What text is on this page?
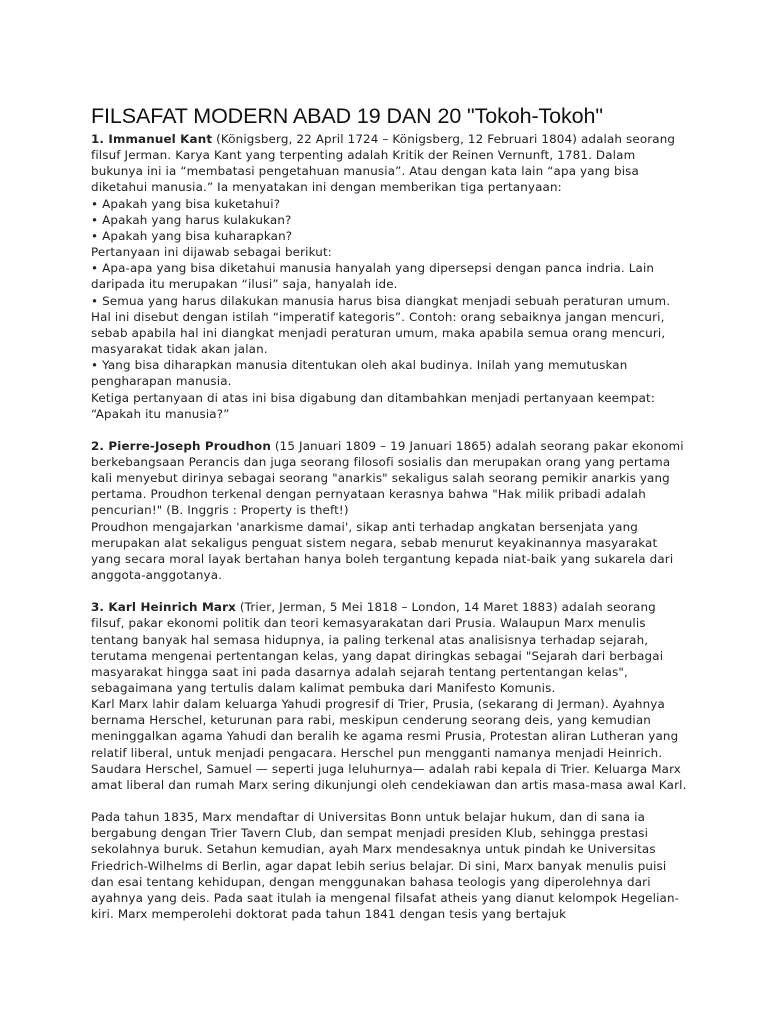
FILSAFAT MODERN ABAD 19 DAN 20 "Tokoh-Tokoh"

1. Immanuel Kant (Königsberg, 22 April 1724 – Königsberg, 12 Februari 1804) adalah seorang filsuf Jerman. Karya Kant yang terpenting adalah Kritik der Reinen Vernunft, 1781. Dalam bukunya ini ia “membatasi pengetahuan manusia”. Atau dengan kata lain “apa yang bisa diketahui manusia.” Ia menyatakan ini dengan memberikan tiga pertanyaan:

• Apakah yang bisa kuketahui?
• Apakah yang harus kulakukan?
• Apakah yang bisa kuharapkan?

Pertanyaan ini dijawab sebagai berikut:

• Apa-apa yang bisa diketahui manusia hanyalah yang dipersepsi dengan panca indria. Lain daripada itu merupakan “ilusi” saja, hanyalah ide.
• Semua yang harus dilakukan manusia harus bisa diangkat menjadi sebuah peraturan umum. Hal ini disebut dengan istilah “imperatif kategoris”. Contoh: orang sebaiknya jangan mencuri, sebab apabila hal ini diangkat menjadi peraturan umum, maka apabila semua orang mencuri, masyarakat tidak akan jalan.
• Yang bisa diharapkan manusia ditentukan oleh akal budinya. Inilah yang memutuskan pengharapan manusia.

Ketiga pertanyaan di atas ini bisa digabung dan ditambahkan menjadi pertanyaan keempat: “Apakah itu manusia?”

2. Pierre-Joseph Proudhon (15 Januari 1809 – 19 Januari 1865) adalah seorang pakar ekonomi berkebangsaan Perancis dan juga seorang filosofi sosialis dan merupakan orang yang pertama kali menyebut dirinya sebagai seorang "anarkis" sekaligus salah seorang pemikir anarkis yang pertama. Proudhon terkenal dengan pernyataan kerasnya bahwa "Hak milik pribadi adalah pencurian!" (B. Inggris : Property is theft!)

Proudhon mengajarkan 'anarkisme damai', sikap anti terhadap angkatan bersenjata yang merupakan alat sekaligus penguat sistem negara, sebab menurut keyakinannya masyarakat yang secara moral layak bertahan hanya boleh tergantung kepada niat-baik yang sukarela dari anggota-anggotanya.

3. Karl Heinrich Marx (Trier, Jerman, 5 Mei 1818 – London, 14 Maret 1883) adalah seorang filsuf, pakar ekonomi politik dan teori kemasyarakatan dari Prusia. Walaupun Marx menulis tentang banyak hal semasa hidupnya, ia paling terkenal atas analisisnya terhadap sejarah, terutama mengenai pertentangan kelas, yang dapat diringkas sebagai "Sejarah dari berbagai masyarakat hingga saat ini pada dasarnya adalah sejarah tentang pertentangan kelas", sebagaimana yang tertulis dalam kalimat pembuka dari Manifesto Komunis.

Karl Marx lahir dalam keluarga Yahudi progresif di Trier, Prusia, (sekarang di Jerman). Ayahnya bernama Herschel, keturunan para rabi, meskipun cenderung seorang deis, yang kemudian meninggalkan agama Yahudi dan beralih ke agama resmi Prusia, Protestan aliran Lutheran yang relatif liberal, untuk menjadi pengacara. Herschel pun mengganti namanya menjadi Heinrich. Saudara Herschel, Samuel — seperti juga leluhurnya— adalah rabi kepala di Trier. Keluarga Marx amat liberal dan rumah Marx sering dikunjungi oleh cendekiawan dan artis masa-masa awal Karl.

Pada tahun 1835, Marx mendaftar di Universitas Bonn untuk belajar hukum, dan di sana ia bergabung dengan Trier Tavern Club, dan sempat menjadi presiden Klub, sehingga prestasi sekolahnya buruk. Setahun kemudian, ayah Marx mendesaknya untuk pindah ke Universitas Friedrich-Wilhelms di Berlin, agar dapat lebih serius belajar. Di sini, Marx banyak menulis puisi dan esai tentang kehidupan, dengan menggunakan bahasa teologis yang diperolehnya dari ayahnya yang deis. Pada saat itulah ia mengenal filsafat atheis yang dianut kelompok Hegelian-kiri. Marx memperolehi doktorat pada tahun 1841 dengan tesis yang bertajuk
